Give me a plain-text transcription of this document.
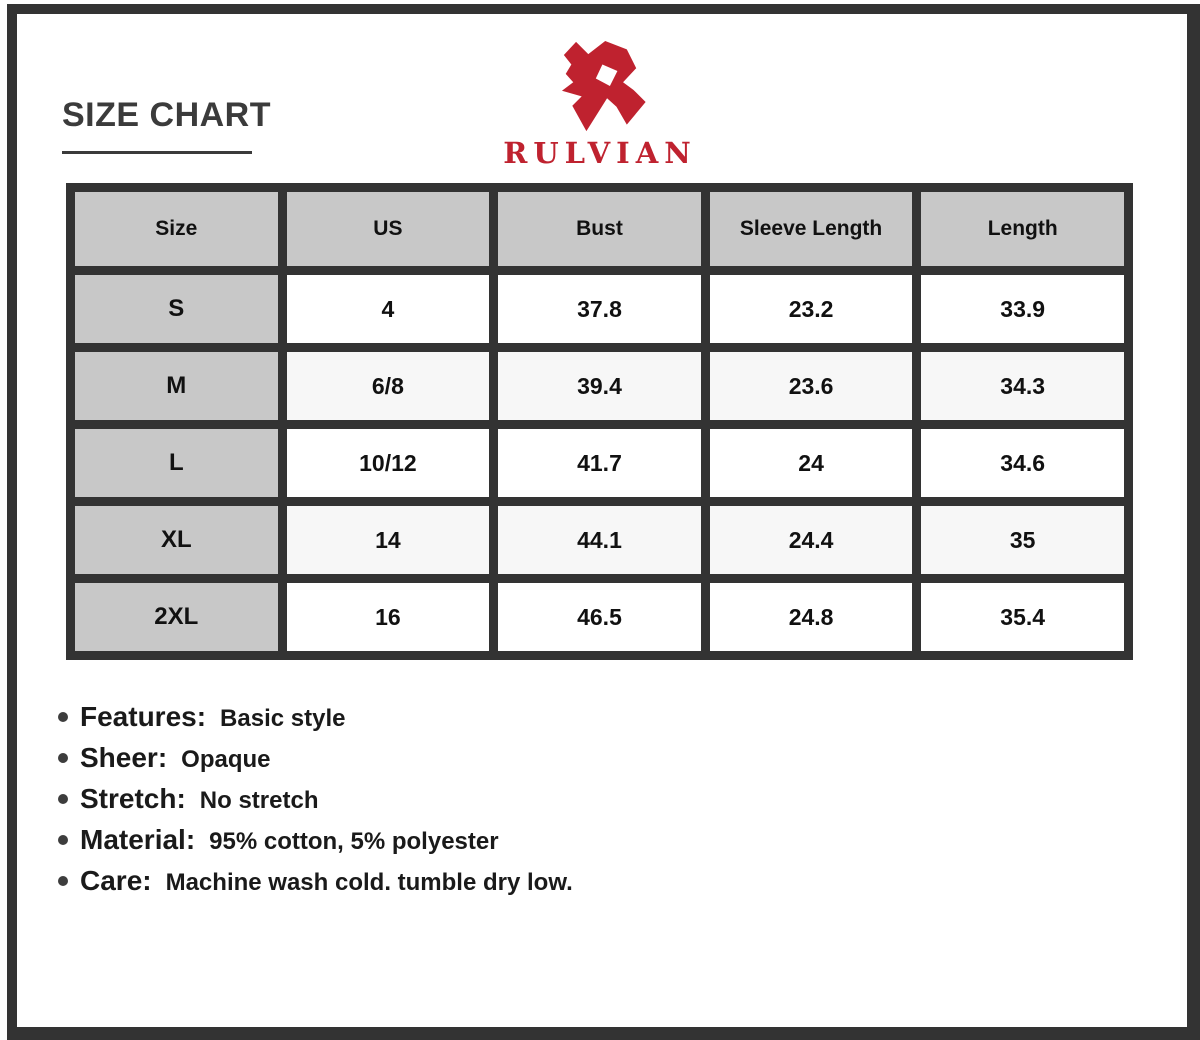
SIZE CHART
RULVIAN
Size	US	Bust	Sleeve Length	Length
S	4	37.8	23.2	33.9
M	6/8	39.4	23.6	34.3
L	10/12	41.7	24	34.6
XL	14	44.1	24.4	35
2XL	16	46.5	24.8	35.4
Features: Basic style
Sheer: Opaque
Stretch: No stretch
Material: 95% cotton, 5% polyester
Care: Machine wash cold. tumble dry low.
